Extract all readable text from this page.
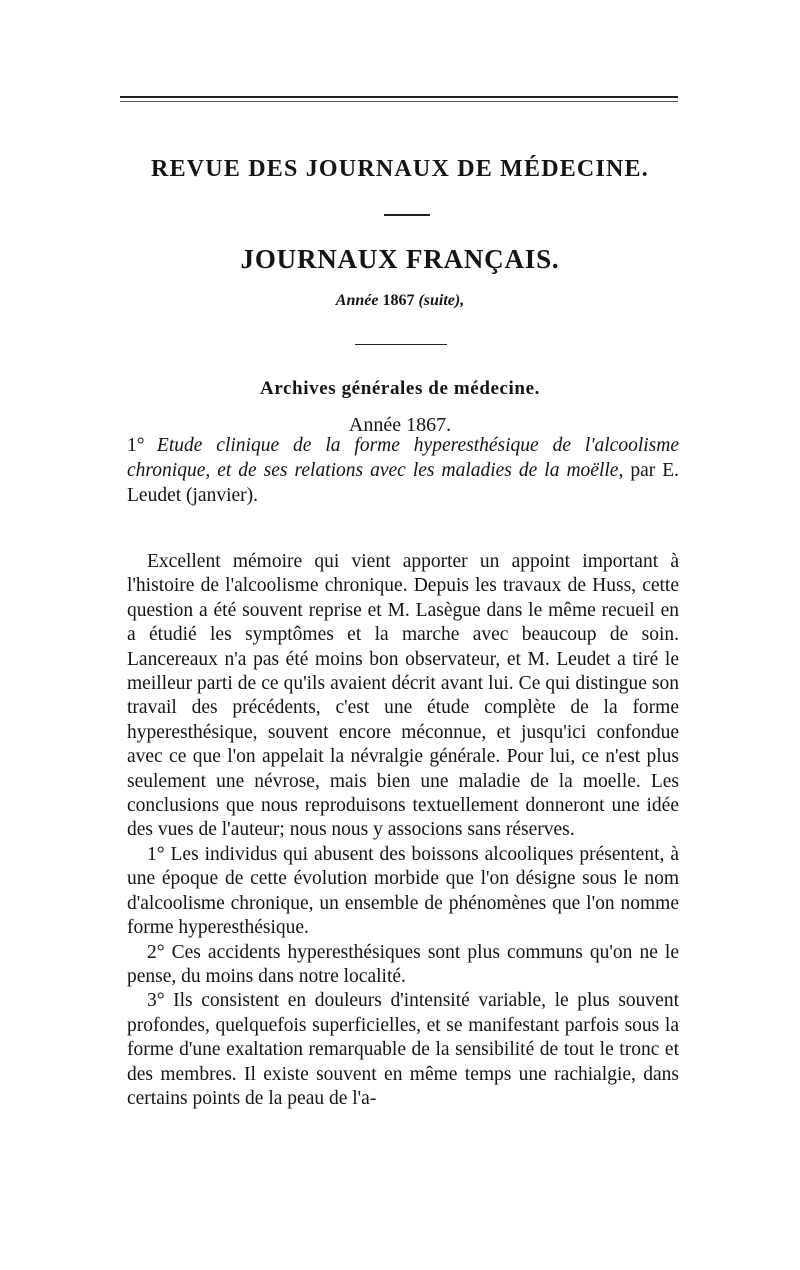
REVUE DES JOURNAUX DE MÉDECINE.
JOURNAUX FRANÇAIS.

Année 1867 (suite),

Archives générales de médecine.

Année 1867.

1° Etude clinique de la forme hyperesthésique de l'alcoolisme chronique, et de ses relations avec les maladies de la moëlle, par E. Leudet (janvier).

Excellent mémoire qui vient apporter un appoint important à l'histoire de l'alcoolisme chronique. Depuis les travaux de Huss, cette question a été souvent reprise et M. Lasègue dans le même recueil en a étudié les symptômes et la marche avec beaucoup de soin. Lancereaux n'a pas été moins bon observateur, et M. Leudet a tiré le meilleur parti de ce qu'ils avaient décrit avant lui. Ce qui distingue son travail des précédents, c'est une étude complète de la forme hyperesthésique, souvent encore méconnue, et jusqu'ici confondue avec ce que l'on appelait la névralgie générale. Pour lui, ce n'est plus seulement une névrose, mais bien une maladie de la moelle. Les conclusions que nous reproduisons textuellement donneront une idée des vues de l'auteur; nous nous y associons sans réserves.

1° Les individus qui abusent des boissons alcooliques présentent, à une époque de cette évolution morbide que l'on désigne sous le nom d'alcoolisme chronique, un ensemble de phénomènes que l'on nomme forme hyperesthésique.

2° Ces accidents hyperesthésiques sont plus communs qu'on ne le pense, du moins dans notre localité.

3° Ils consistent en douleurs d'intensité variable, le plus souvent profondes, quelquefois superficielles, et se manifestant parfois sous la forme d'une exaltation remarquable de la sensibilité de tout le tronc et des membres. Il existe souvent en même temps une rachialgie, dans certains points de la peau de l'a-
